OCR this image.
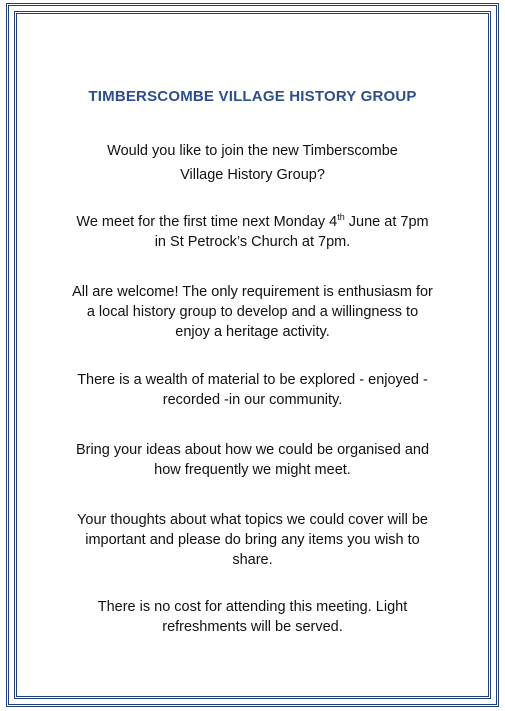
TIMBERSCOMBE VILLAGE HISTORY GROUP

Would you like to join the new Timberscombe
Village History Group?

We meet for the first time next Monday 4th June at 7pm
in St Petrock’s Church at 7pm.

All are welcome! The only requirement is enthusiasm for
a local history group to develop and a willingness to
enjoy a heritage activity.

There is a wealth of material to be explored - enjoyed -
recorded -in our community.

Bring your ideas about how we could be organised and
how frequently we might meet.

Your thoughts about what topics we could cover will be
important and please do bring any items you wish to
share.

There is no cost for attending this meeting. Light
refreshments will be served.
